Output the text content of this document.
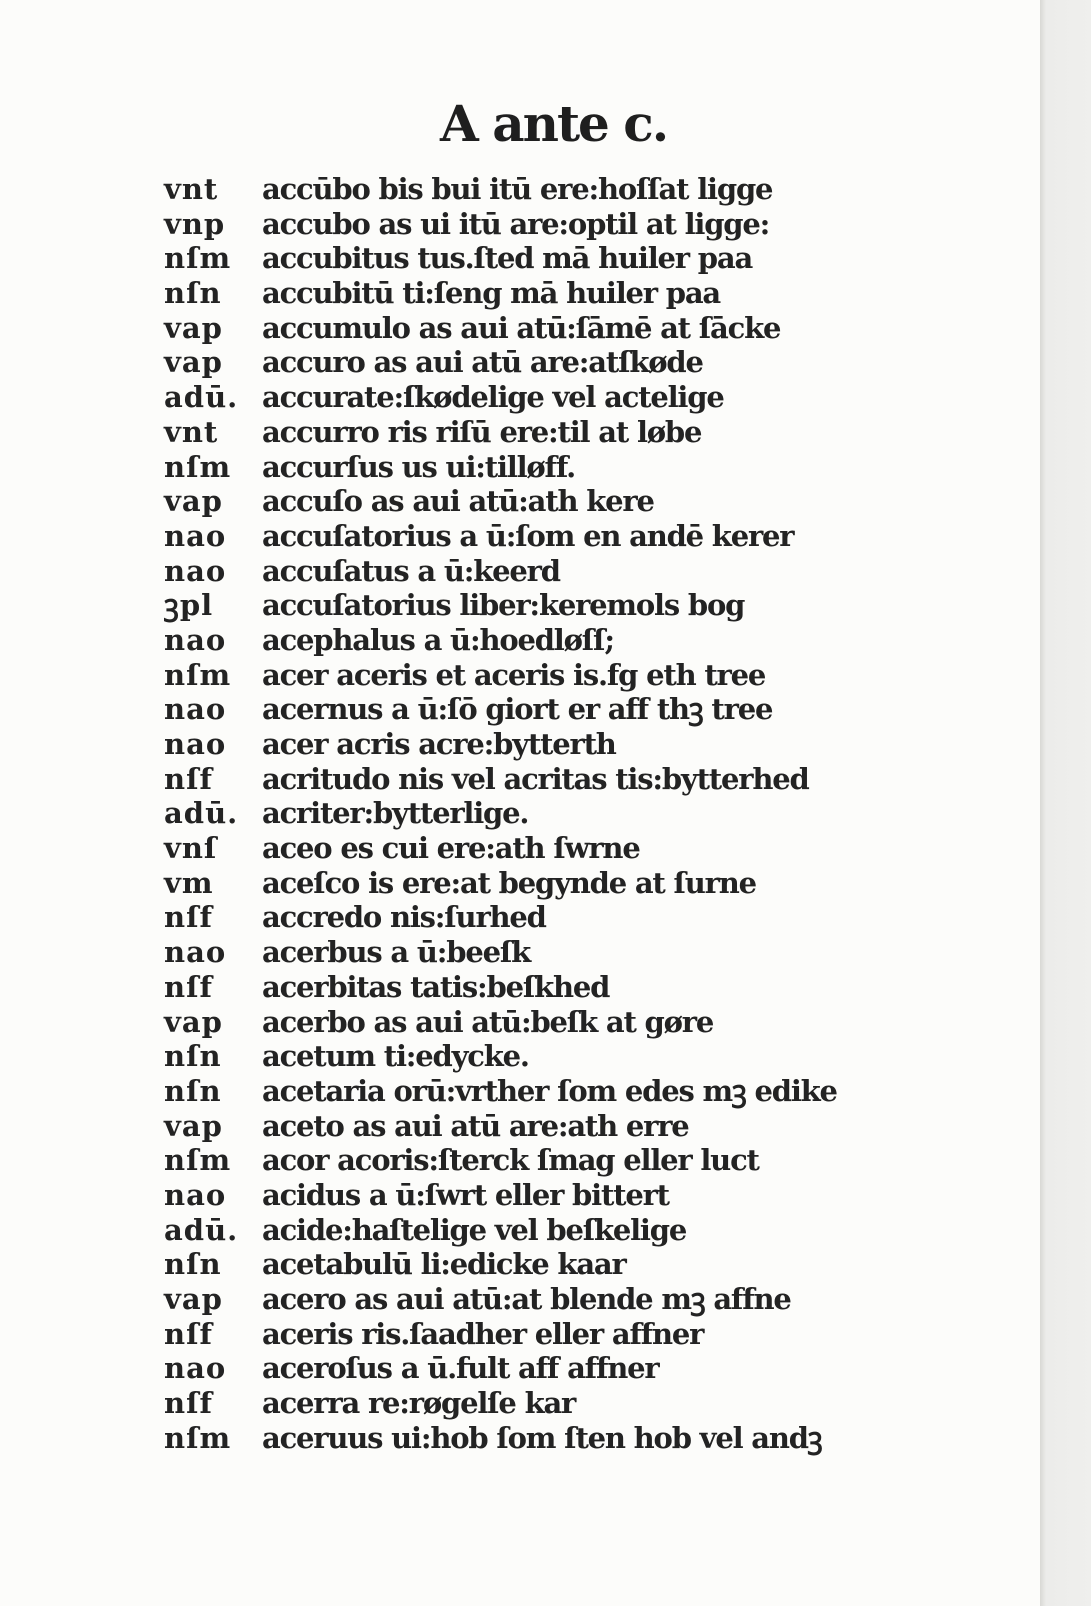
A ante c.
vnt	accūbo bis bui itū ere:hoſſat ligge
vnp	accubo as ui itū are:optil at ligge:
nſm	accubitus tus.ſted mā huiler paa
nſn	accubitū ti:ſeng mā huiler paa
vap	accumulo as aui atū:ſāmē at ſācke
vap	accuro as aui atū are:atſkøde
adū. accurate:ſkødelige vel actelige
vnt	accurro ris riſū ere:til at løbe
nſm	accurſus us ui:tilløff.
vap	accuſo as aui atū:ath kere
nao	accuſatorius a ū:ſom en andē kerer
nao	accuſatus a ū:keerd
ꝫpl	accuſatorius liber:keremols bog
nao	acephalus a ū:hoedløſſ;
nſm	acer aceris et aceris is.fg eth tree
nao	acernus a ū:ſō giort er aff thꝫ tree
nao	acer acris acre:bytterth
nſf	acritudo nis vel acritas tis:bytterhed
adū. acriter:bytterlige.
vnſ	aceo es cui ere:ath ſwrne
vm	aceſco is ere:at begynde at ſurne
nſf	accredo nis:ſurhed
nao	acerbus a ū:beeſk
nſf	acerbitas tatis:beſkhed
vap	acerbo as aui atū:beſk at gøre
nſn	acetum ti:edycke.
nſn	acetaria orū:vrther ſom edes mꝫ edike
vap	aceto as aui atū are:ath erre
nſm	acor acoris:ſterck ſmag eller luct
nao	acidus a ū:ſwrt eller bittert
adū. acide:haſtelige vel beſkelige
nſn	acetabulū li:edicke kaar
vap	acero as aui atū:at blende mꝫ affne
nſf	aceris ris.ſaadher eller affner
nao	acerоſus a ū.fult aff affner
nſf	acerra re:røgelſe kar
nſm	aceruus ui:hob ſom ſten hob vel andꝫ
